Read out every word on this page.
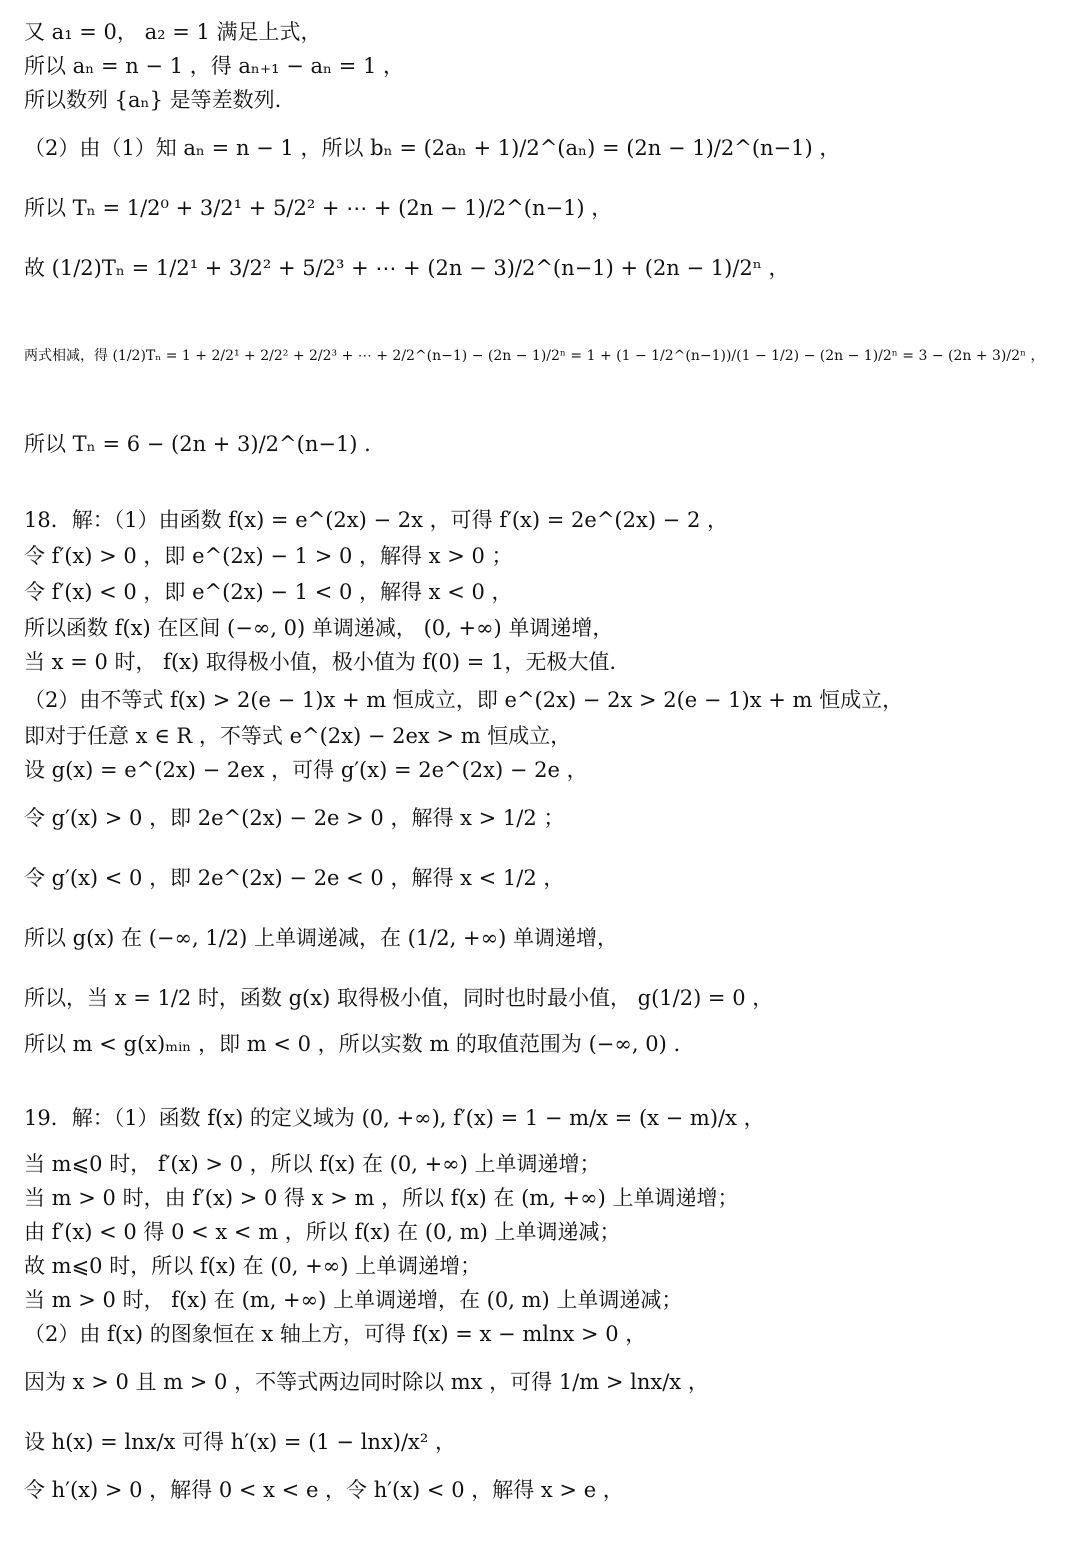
又 a₁ = 0， a₂ = 1 满足上式，
所以 aₙ = n − 1 ，得 aₙ₊₁ − aₙ = 1 ，
所以数列 {aₙ} 是等差数列.
（2）由（1）知 aₙ = n − 1 ，所以 bₙ = (2aₙ + 1)/2^(aₙ) = (2n − 1)/2^(n−1) ，
所以 Tₙ = 1/2⁰ + 3/2¹ + 5/2² + ⋯ + (2n − 1)/2^(n−1) ，
故 (1/2)Tₙ = 1/2¹ + 3/2² + 5/2³ + ⋯ + (2n − 3)/2^(n−1) + (2n − 1)/2ⁿ ，
两式相减，得 (1/2)Tₙ = 1 + 2/2¹ + 2/2² + 2/2³ + ⋯ + 2/2^(n−1) − (2n − 1)/2ⁿ = 1 + (1 − 1/2^(n−1))/(1 − 1/2) − (2n − 1)/2ⁿ = 3 − (2n + 3)/2ⁿ ，
所以 Tₙ = 6 − (2n + 3)/2^(n−1) .
18．解：（1）由函数 f(x) = e^(2x) − 2x ，可得 f′(x) = 2e^(2x) − 2 ，
令 f′(x) > 0 ，即 e^(2x) − 1 > 0 ，解得 x > 0 ；
令 f′(x) < 0 ，即 e^(2x) − 1 < 0 ，解得 x < 0 ，
所以函数 f(x) 在区间 (−∞, 0) 单调递减， (0, +∞) 单调递增，
当 x = 0 时， f(x) 取得极小值，极小值为 f(0) = 1，无极大值.
（2）由不等式 f(x) > 2(e − 1)x + m 恒成立，即 e^(2x) − 2x > 2(e − 1)x + m 恒成立，
即对于任意 x ∈ R ，不等式 e^(2x) − 2ex > m 恒成立，
设 g(x) = e^(2x) − 2ex ，可得 g′(x) = 2e^(2x) − 2e ，
令 g′(x) > 0 ，即 2e^(2x) − 2e > 0 ，解得 x > 1/2 ；
令 g′(x) < 0 ，即 2e^(2x) − 2e < 0 ，解得 x < 1/2 ，
所以 g(x) 在 (−∞, 1/2) 上单调递减，在 (1/2, +∞) 单调递增，
所以，当 x = 1/2 时，函数 g(x) 取得极小值，同时也时最小值， g(1/2) = 0 ，
所以 m < g(x)ₘᵢₙ ，即 m < 0 ，所以实数 m 的取值范围为 (−∞, 0) .
19．解：（1）函数 f(x) 的定义域为 (0, +∞), f′(x) = 1 − m/x = (x − m)/x ，
当 m⩽0 时， f′(x) > 0 ，所以 f(x) 在 (0, +∞) 上单调递增；
当 m > 0 时，由 f′(x) > 0 得 x > m ，所以 f(x) 在 (m, +∞) 上单调递增；
由 f′(x) < 0 得 0 < x < m ，所以 f(x) 在 (0, m) 上单调递减；
故 m⩽0 时，所以 f(x) 在 (0, +∞) 上单调递增；
当 m > 0 时， f(x) 在 (m, +∞) 上单调递增，在 (0, m) 上单调递减；
（2）由 f(x) 的图象恒在 x 轴上方，可得 f(x) = x − mlnx > 0 ，
因为 x > 0 且 m > 0 ，不等式两边同时除以 mx ，可得 1/m > lnx/x ，
设 h(x) = lnx/x 可得 h′(x) = (1 − lnx)/x² ，
令 h′(x) > 0 ，解得 0 < x < e ，令 h′(x) < 0 ，解得 x > e ，
